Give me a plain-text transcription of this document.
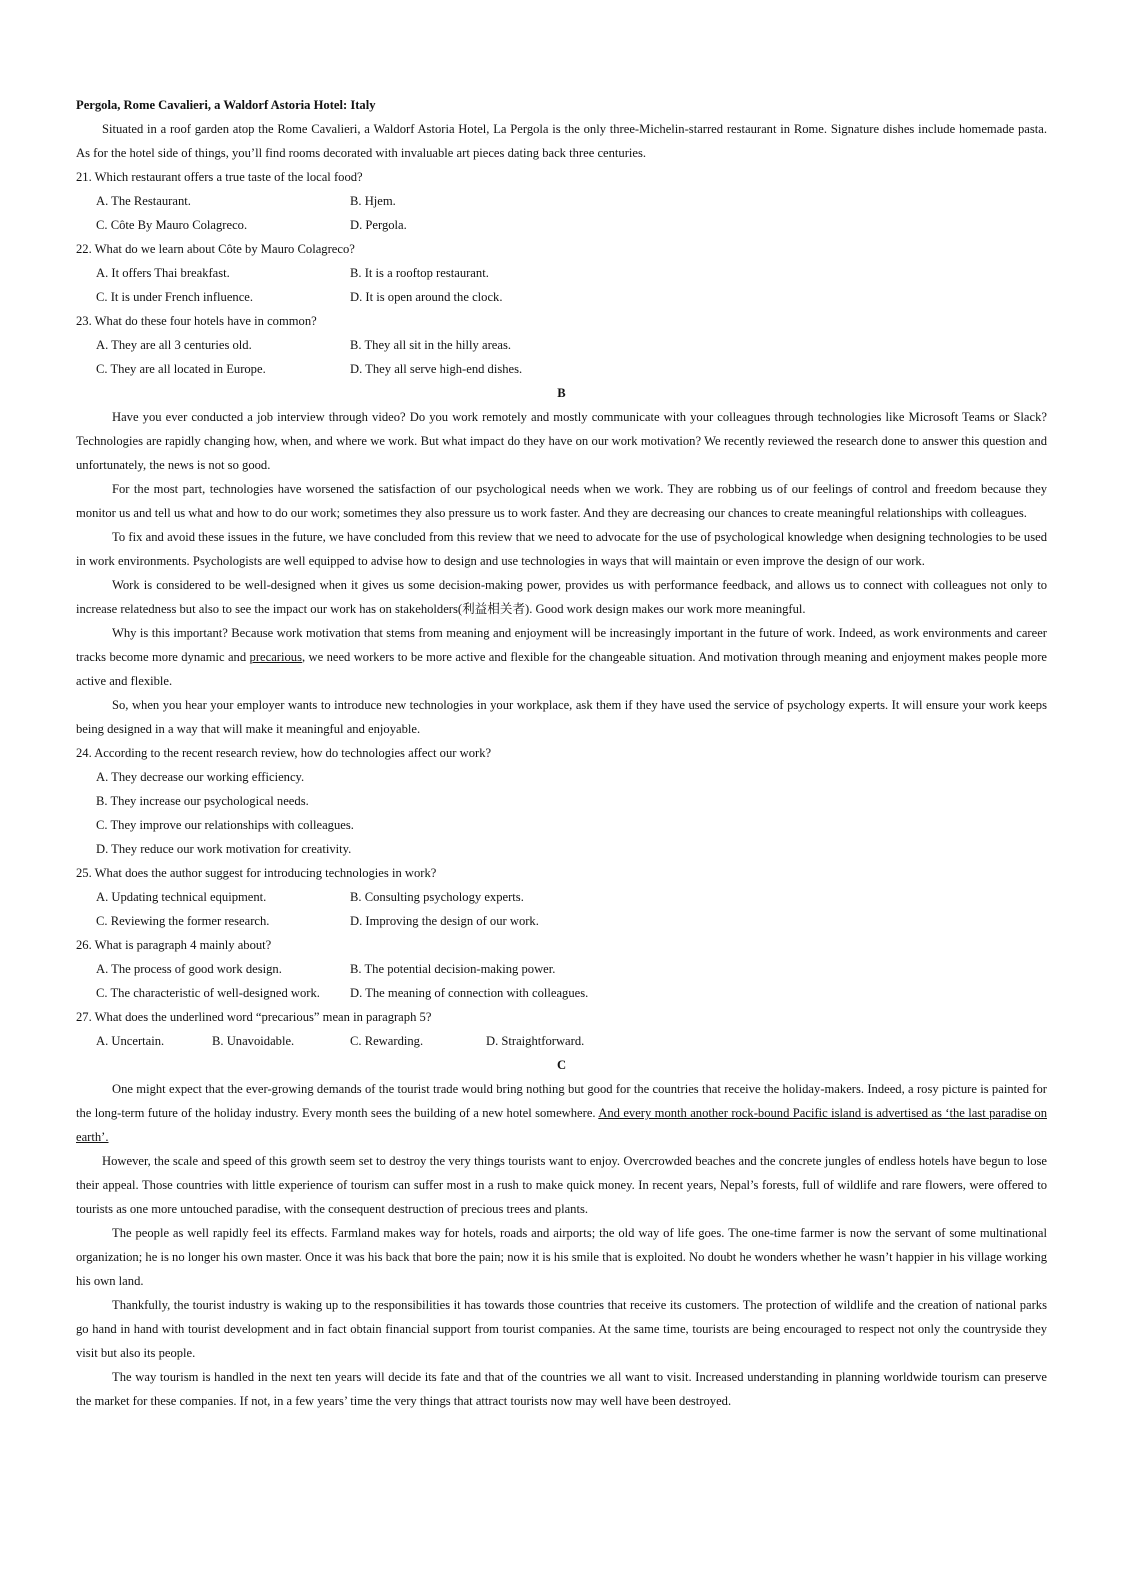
Pergola, Rome Cavalieri, a Waldorf Astoria Hotel: Italy

Situated in a roof garden atop the Rome Cavalieri, a Waldorf Astoria Hotel, La Pergola is the only three-Michelin-starred restaurant in Rome. Signature dishes include homemade pasta. As for the hotel side of things, you’ll find rooms decorated with invaluable art pieces dating back three centuries.

21. Which restaurant offers a true taste of the local food?
A. The Restaurant.	B. Hjem.
C. Côte By Mauro Colagreco.	D. Pergola.
22. What do we learn about Côte by Mauro Colagreco?
A. It offers Thai breakfast.	B. It is a rooftop restaurant.
C. It is under French influence.	D. It is open around the clock.
23. What do these four hotels have in common?
A. They are all 3 centuries old.	B. They all sit in the hilly areas.
C. They are all located in Europe.	D. They all serve high-end dishes.
B

Have you ever conducted a job interview through video? Do you work remotely and mostly communicate with your colleagues through technologies like Microsoft Teams or Slack? Technologies are rapidly changing how, when, and where we work. But what impact do they have on our work motivation? We recently reviewed the research done to answer this question and unfortunately, the news is not so good.

For the most part, technologies have worsened the satisfaction of our psychological needs when we work. They are robbing us of our feelings of control and freedom because they monitor us and tell us what and how to do our work; sometimes they also pressure us to work faster. And they are decreasing our chances to create meaningful relationships with colleagues.

To fix and avoid these issues in the future, we have concluded from this review that we need to advocate for the use of psychological knowledge when designing technologies to be used in work environments. Psychologists are well equipped to advise how to design and use technologies in ways that will maintain or even improve the design of our work.

Work is considered to be well-designed when it gives us some decision-making power, provides us with performance feedback, and allows us to connect with colleagues not only to increase relatedness but also to see the impact our work has on stakeholders(利益相关者). Good work design makes our work more meaningful.

Why is this important? Because work motivation that stems from meaning and enjoyment will be increasingly important in the future of work. Indeed, as work environments and career tracks become more dynamic and precarious, we need workers to be more active and flexible for the changeable situation. And motivation through meaning and enjoyment makes people more active and flexible.

So, when you hear your employer wants to introduce new technologies in your workplace, ask them if they have used the service of psychology experts. It will ensure your work keeps being designed in a way that will make it meaningful and enjoyable.

24. According to the recent research review, how do technologies affect our work?
A. They decrease our working efficiency.
B. They increase our psychological needs.
C. They improve our relationships with colleagues.
D. They reduce our work motivation for creativity.
25. What does the author suggest for introducing technologies in work?
A. Updating technical equipment.	B. Consulting psychology experts.
C. Reviewing the former research.	D. Improving the design of our work.
26. What is paragraph 4 mainly about?
A. The process of good work design.	B. The potential decision-making power.
C. The characteristic of well-designed work.	D. The meaning of connection with colleagues.
27. What does the underlined word “precarious” mean in paragraph 5?
A. Uncertain.	B. Unavoidable.	C. Rewarding.	D. Straightforward.
C

One might expect that the ever-growing demands of the tourist trade would bring nothing but good for the countries that receive the holiday-makers. Indeed, a rosy picture is painted for the long-term future of the holiday industry. Every month sees the building of a new hotel somewhere. And every month another rock-bound Pacific island is advertised as ‘the last paradise on earth’.

However, the scale and speed of this growth seem set to destroy the very things tourists want to enjoy. Overcrowded beaches and the concrete jungles of endless hotels have begun to lose their appeal. Those countries with little experience of tourism can suffer most in a rush to make quick money. In recent years, Nepal’s forests, full of wildlife and rare flowers, were offered to tourists as one more untouched paradise, with the consequent destruction of precious trees and plants.

The people as well rapidly feel its effects. Farmland makes way for hotels, roads and airports; the old way of life goes. The one-time farmer is now the servant of some multinational organization; he is no longer his own master. Once it was his back that bore the pain; now it is his smile that is exploited. No doubt he wonders whether he wasn’t happier in his village working his own land.

Thankfully, the tourist industry is waking up to the responsibilities it has towards those countries that receive its customers. The protection of wildlife and the creation of national parks go hand in hand with tourist development and in fact obtain financial support from tourist companies. At the same time, tourists are being encouraged to respect not only the countryside they visit but also its people.

The way tourism is handled in the next ten years will decide its fate and that of the countries we all want to visit. Increased understanding in planning worldwide tourism can preserve the market for these companies. If not, in a few years’ time the very things that attract tourists now may well have been destroyed.
